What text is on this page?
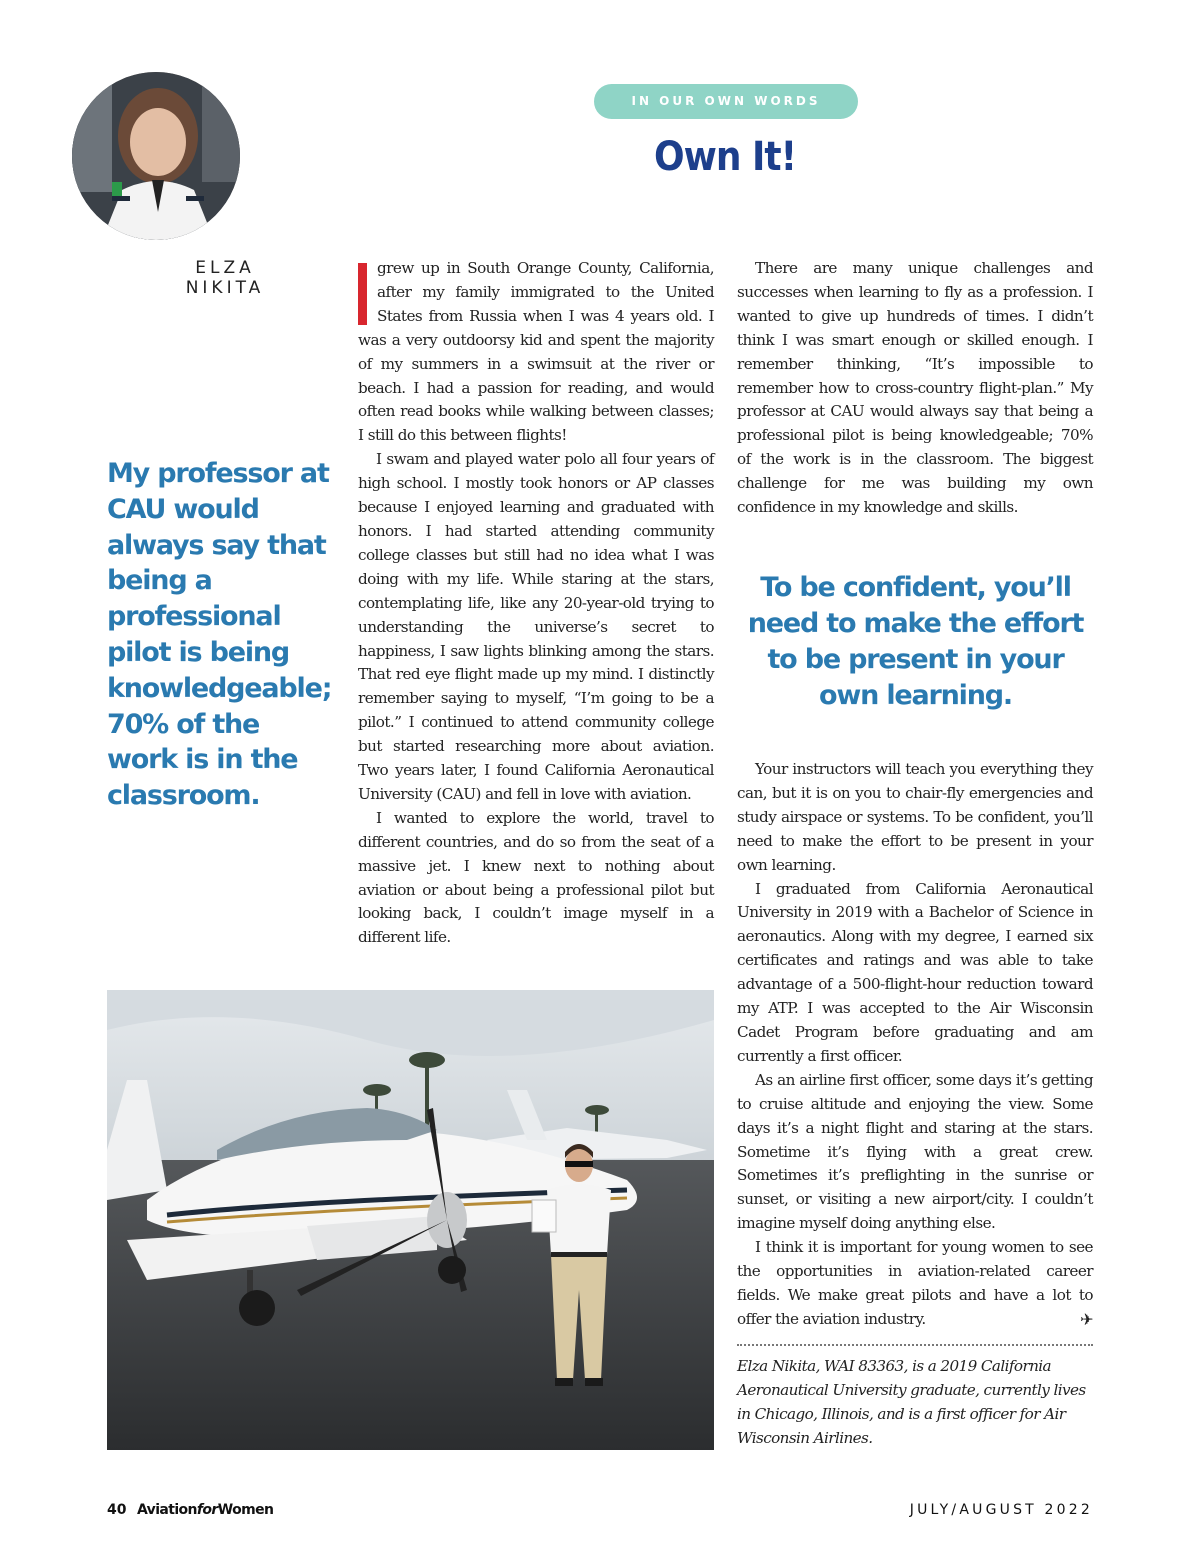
ELZA
NIKITA
IN OUR OWN WORDS
Own It!
My professor at CAU would always say that being a professional pilot is being knowledgeable; 70% of the work is in the classroom.

grew up in South Orange County, California, after my family immigrated to the United States from Russia when I was 4 years old. I was a very outdoorsy kid and spent the majority of my summers in a swimsuit at the river or beach. I had a passion for reading, and would often read books while walking between classes; I still do this between flights!

I swam and played water polo all four years of high school. I mostly took honors or AP classes because I enjoyed learning and graduated with honors. I had started attending community college classes but still had no idea what I was doing with my life. While staring at the stars, contemplating life, like any 20-year-old trying to understanding the universe’s secret to happiness, I saw lights blinking among the stars. That red eye flight made up my mind. I distinctly remember saying to myself, “I’m going to be a pilot.” I continued to attend community college but started researching more about aviation. Two years later, I found California Aeronautical University (CAU) and fell in love with aviation.

I wanted to explore the world, travel to different countries, and do so from the seat of a massive jet. I knew next to nothing about aviation or about being a professional pilot but looking back, I couldn’t image myself in a different life.

There are many unique challenges and successes when learning to fly as a profession. I wanted to give up hundreds of times. I didn’t think I was smart enough or skilled enough. I remember thinking, “It’s impossible to remember how to cross-country flight-plan.” My professor at CAU would always say that being a professional pilot is being knowledgeable; 70% of the work is in the classroom. The biggest challenge for me was building my own confidence in my knowledge and skills.

To be confident, you’ll need to make the effort to be present in your own learning.

Your instructors will teach you everything they can, but it is on you to chair-fly emergencies and study airspace or systems. To be confident, you’ll need to make the effort to be present in your own learning.

I graduated from California Aeronautical University in 2019 with a Bachelor of Science in aeronautics. Along with my degree, I earned six certificates and ratings and was able to take advantage of a 500-flight-hour reduction toward my ATP. I was accepted to the Air Wisconsin Cadet Program before graduating and am currently a first officer.

As an airline first officer, some days it’s getting to cruise altitude and enjoying the view. Some days it’s a night flight and staring at the stars. Sometime it’s flying with a great crew. Sometimes it’s preflighting in the sunrise or sunset, or visiting a new airport/city. I couldn’t imagine myself doing anything else.

I think it is important for young women to see the opportunities in aviation-related career fields. We make great pilots and have a lot to offer the aviation industry.	✈

Elza Nikita, WAI 83363, is a 2019 California Aeronautical University graduate, currently lives in Chicago, Illinois, and is a first officer for Air Wisconsin Airlines.
40 AviationforWomen	JULY/AUGUST 2022
